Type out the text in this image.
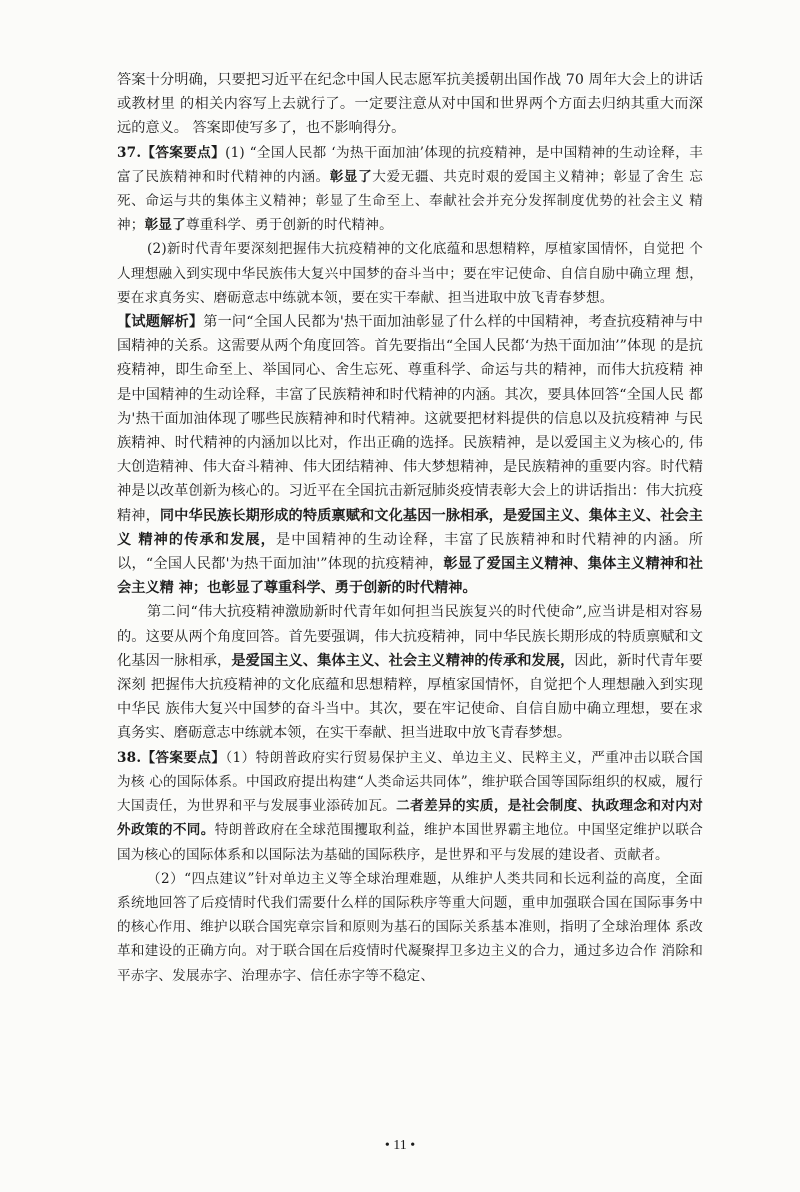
答案十分明确，只要把习近平在纪念中国人民志愿军抗美援朝出国作战 70 周年大会上的讲话或教材里 的相关内容写上去就行了。一定要注意从对中国和世界两个方面去归纳其重大而深远的意义。 答案即使写多了，也不影响得分。

37.【答案要点】(1) “全国人民都 ‘为热干面加油’体现的抗疫精神，是中国精神的生动诠释，丰富了民族精神和时代精神的内涵。彰显了大爱无疆、共克时艰的爱国主义精神；彰显了舍生 忘死、命运与共的集体主义精神；彰显了生命至上、奉献社会并充分发挥制度优势的社会主义 精神；彰显了尊重科学、勇于创新的时代精神。

(2)新时代青年要深刻把握伟大抗疫精神的文化底蕴和思想精粹，厚植家国情怀，自觉把 个人理想融入到实现中华民族伟大复兴中国梦的奋斗当中；要在牢记使命、自信自励中确立理 想，要在求真务实、磨砺意志中练就本领，要在实干奉献、担当进取中放飞青春梦想。

【试题解析】第一问“全国人民都为'热干面加油彰显了什么样的中国精神，考查抗疫精神与中国精神的关系。这需要从两个角度回答。首先要指出“全国人民都‘为热干面加油’”体现 的是抗疫精神，即生命至上、举国同心、舍生忘死、尊重科学、命运与共的精神，而伟大抗疫精 神是中国精神的生动诠释，丰富了民族精神和时代精神的内涵。其次，要具体回答“全国人民 都为'热干面加油体现了哪些民族精神和时代精神。这就要把材料提供的信息以及抗疫精神 与民族精神、时代精神的内涵加以比对，作出正确的选择。民族精神，是以爱国主义为核心的, 伟大创造精神、伟大奋斗精神、伟大团结精神、伟大梦想精神，是民族精神的重要内容。时代精神是以改革创新为核心的。习近平在全国抗击新冠肺炎疫情表彰大会上的讲话指出：伟大抗疫精神，同中华民族长期形成的特质禀赋和文化基因一脉相承，是爱国主义、集体主义、社会主义 精神的传承和发展，是中国精神的生动诠释，丰富了民族精神和时代精神的内涵。所以，“全国人民都'为热干面加油'”体现的抗疫精神，彰显了爱国主义精神、集体主义精神和社会主义精 神；也彰显了尊重科学、勇于创新的时代精神。

第二问“伟大抗疫精神激励新时代青年如何担当民族复兴的时代使命”,应当讲是相对容易 的。这要从两个角度回答。首先要强调，伟大抗疫精神，同中华民族长期形成的特质禀赋和文化基因一脉相承，是爱国主义、集体主义、社会主义精神的传承和发展，因此，新时代青年要深刻 把握伟大抗疫精神的文化底蕴和思想精粹，厚植家国情怀，自觉把个人理想融入到实现中华民 族伟大复兴中国梦的奋斗当中。其次，要在牢记使命、自信自励中确立理想，要在求真务实、磨砺意志中练就本领，在实干奉献、担当进取中放飞青春梦想。

38.【答案要点】（1）特朗普政府实行贸易保护主义、单边主义、民粹主义，严重冲击以联合国为核 心的国际体系。中国政府提出构建“人类命运共同体”，维护联合国等国际组织的权威，履行大国责任，为世界和平与发展事业添砖加瓦。二者差异的实质，是社会制度、执政理念和对内对外政策的不同。特朗普政府在全球范围攫取利益，维护本国世界霸主地位。中国坚定维护以联合 国为核心的国际体系和以国际法为基础的国际秩序，是世界和平与发展的建设者、贡献者。

（2）“四点建议”针对单边主义等全球治理难题，从维护人类共同和长远利益的高度，全面 系统地回答了后疫情时代我们需要什么样的国际秩序等重大问题，重申加强联合国在国际事务中的核心作用、维护以联合国宪章宗旨和原则为基石的国际关系基本准则，指明了全球治理体 系改革和建设的正确方向。对于联合国在后疫情时代凝聚捍卫多边主义的合力，通过多边合作 消除和平赤字、发展赤字、治理赤字、信任赤字等不稳定、

• 11 •
